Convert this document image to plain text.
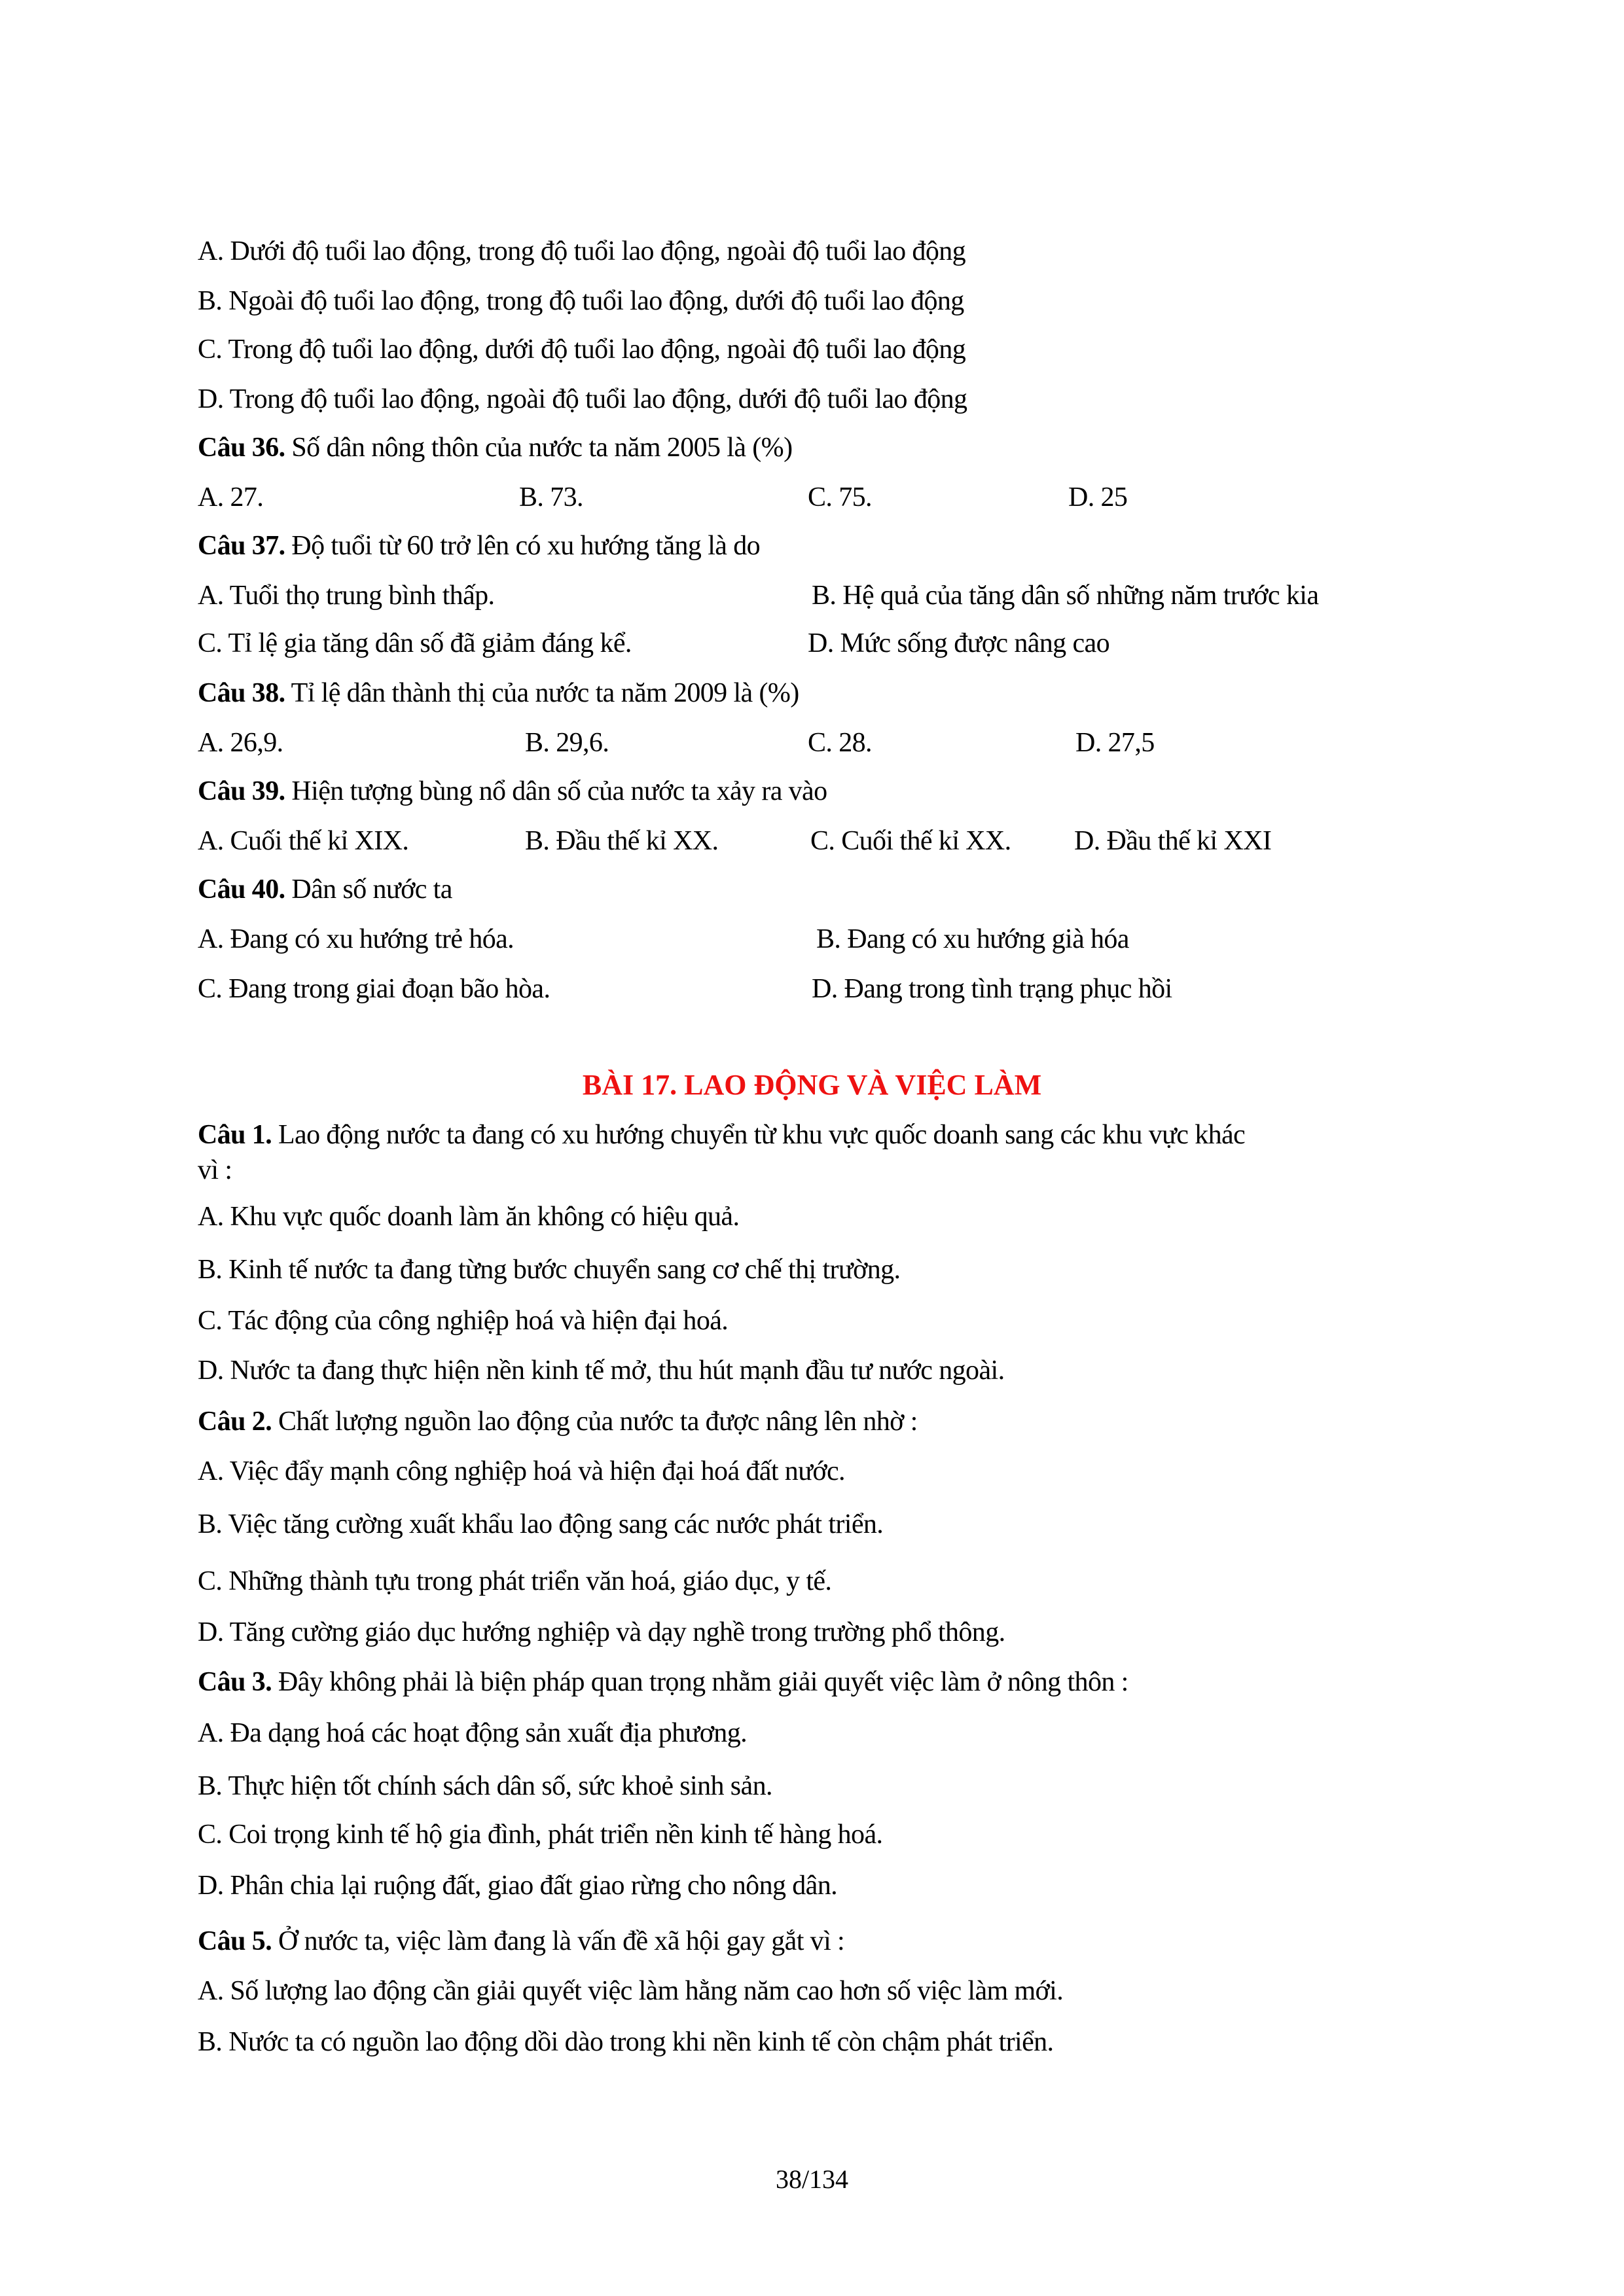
A. Dưới độ tuổi lao động, trong độ tuổi lao động, ngoài độ tuổi lao động
B. Ngoài độ tuổi lao động, trong độ tuổi lao động, dưới độ tuổi lao động
C. Trong độ tuổi lao động, dưới độ tuổi lao động, ngoài độ tuổi lao động
D. Trong độ tuổi lao động, ngoài độ tuổi lao động, dưới độ tuổi lao động
Câu 36. Số dân nông thôn của nước ta năm 2005 là (%)
A. 27.	B. 73.	C. 75.	D. 25
Câu 37. Độ tuổi từ 60 trở lên có xu hướng tăng là do
A. Tuổi thọ trung bình thấp.	B. Hệ quả của tăng dân số những năm trước kia
C. Tỉ lệ gia tăng dân số đã giảm đáng kể.	D. Mức sống được nâng cao
Câu 38. Tỉ lệ dân thành thị của nước ta năm 2009 là (%)
A. 26,9.	B. 29,6.	C. 28.	D. 27,5
Câu 39. Hiện tượng bùng nổ dân số của nước ta xảy ra vào
A. Cuối thế kỉ XIX.	B. Đầu thế kỉ XX.	C. Cuối thế kỉ XX. D. Đầu thế kỉ XXI
Câu 40. Dân số nước ta
A. Đang có xu hướng trẻ hóa.	B. Đang có xu hướng già hóa
C. Đang trong giai đoạn bão hòa.	D. Đang trong tình trạng phục hồi
BÀI 17. LAO ĐỘNG VÀ VIỆC LÀM
Câu 1. Lao động nước ta đang có xu hướng chuyển từ khu vực quốc doanh sang các khu vực khác
vì :
A. Khu vực quốc doanh làm ăn không có hiệu quả.
B. Kinh tế nước ta đang từng bước chuyển sang cơ chế thị trường.
C. Tác động của công nghiệp hoá và hiện đại hoá.
D. Nước ta đang thực hiện nền kinh tế mở, thu hút mạnh đầu tư nước ngoài.
Câu 2. Chất lượng nguồn lao động của nước ta được nâng lên nhờ :
A. Việc đẩy mạnh công nghiệp hoá và hiện đại hoá đất nước.
B. Việc tăng cường xuất khẩu lao động sang các nước phát triển.
C. Những thành tựu trong phát triển văn hoá, giáo dục, y tế.
D. Tăng cường giáo dục hướng nghiệp và dạy nghề trong trường phổ thông.
Câu 3. Đây không phải là biện pháp quan trọng nhằm giải quyết việc làm ở nông thôn :
A. Đa dạng hoá các hoạt động sản xuất địa phương.
B. Thực hiện tốt chính sách dân số, sức khoẻ sinh sản.
C. Coi trọng kinh tế hộ gia đình, phát triển nền kinh tế hàng hoá.
D. Phân chia lại ruộng đất, giao đất giao rừng cho nông dân.
Câu 5. Ở nước ta, việc làm đang là vấn đề xã hội gay gắt vì :
A. Số lượng lao động cần giải quyết việc làm hằng năm cao hơn số việc làm mới.
B. Nước ta có nguồn lao động dồi dào trong khi nền kinh tế còn chậm phát triển.
38/134
